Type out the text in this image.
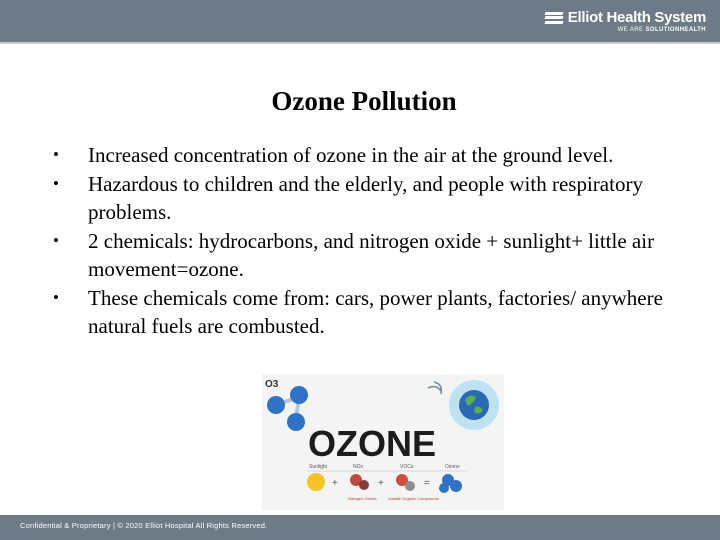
Elliot Health System
WE ARE SOLUTIONHEALTH
Ozone Pollution
• Increased concentration of ozone in the air at the ground level.
• Hazardous to children and the elderly, and people with respiratory problems.
• 2 chemicals: hydrocarbons, and nitrogen oxide + sunlight+ little air movement=ozone.
• These chemicals come from: cars, power plants, factories/ anywhere natural fuels are combusted.
O3
OZONE
Sunlight	NOx	VOCs	Ozone
+	+	=
Nitrogen Oxides	Volatile Organic Compounds
Confidential & Proprietary | © 2020 Elliot Hospital All Rights Reserved.
